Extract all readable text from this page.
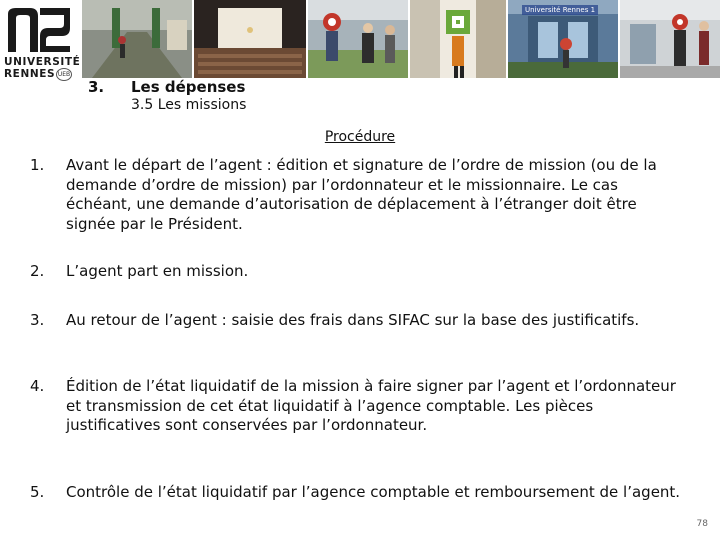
UNIVERSITÉ
RENNES UEB
Université Rennes 1
3. Les dépenses
3.5 Les missions
Procédure
1. Avant le départ de l’agent : édition et signature de l’ordre de mission (ou de la demande d’ordre de mission) par l’ordonnateur et le missionnaire. Le cas échéant, une demande d’autorisation de déplacement à l’étranger doit être signée par le Président.
2. L’agent part en mission.
3. Au retour de l’agent : saisie des frais dans SIFAC sur la base des justificatifs.
4. Édition de l’état liquidatif de la mission à faire signer par l’agent et l’ordonnateur et transmission de cet état liquidatif à l’agence comptable. Les pièces justificatives sont conservées par l’ordonnateur.
5. Contrôle de l’état liquidatif par l’agence comptable et remboursement de l’agent.
78
